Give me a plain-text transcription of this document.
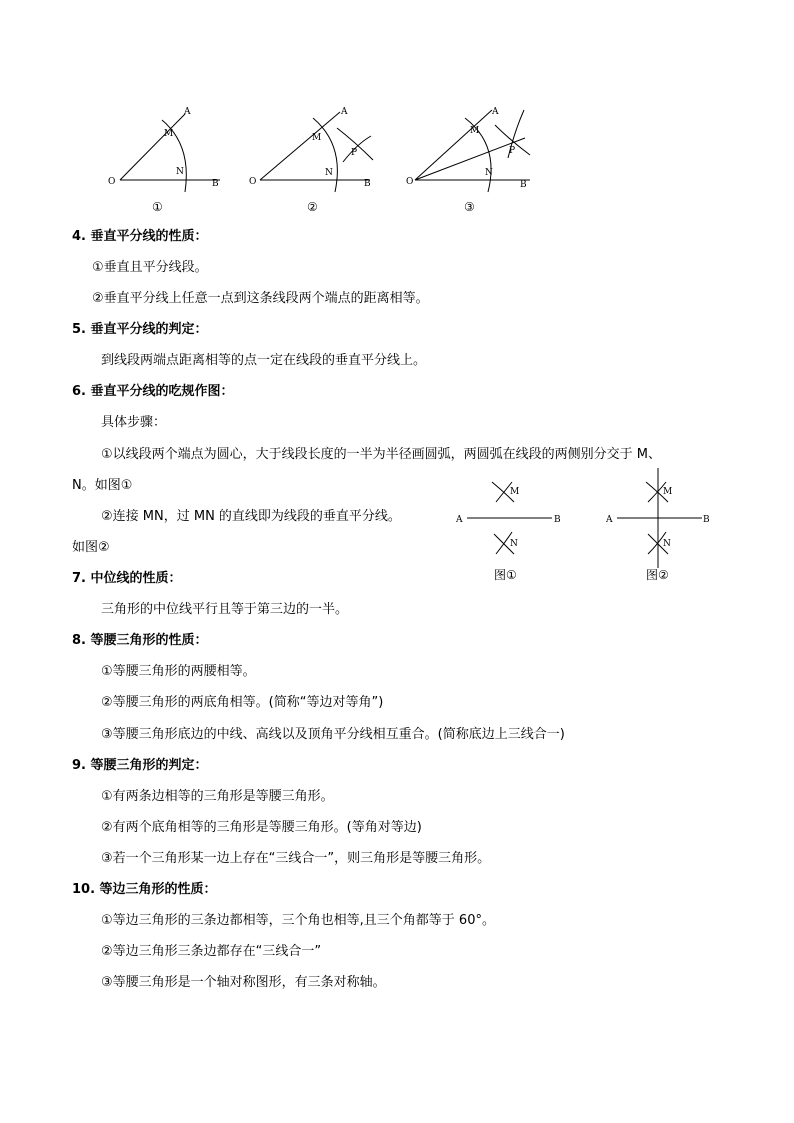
A
M
N
O	B
①
A
M
N
O	B
P
②
A
M
N
O	B
P
③
4. 垂直平分线的性质：
①垂直且平分线段。
②垂直平分线上任意一点到这条线段两个端点的距离相等。
5. 垂直平分线的判定：
到线段两端点距离相等的点一定在线段的垂直平分线上。
6. 垂直平分线的吃规作图：
具体步骤：
①以线段两个端点为圆心，大于线段长度的一半为半径画圆弧，两圆弧在线段的两侧别分交于 M、
N。如图①
②连接 MN，过 MN 的直线即为线段的垂直平分线。
如图②
A	B
M
N
图①
A	B
M
N
图②
7. 中位线的性质：
三角形的中位线平行且等于第三边的一半。
8. 等腰三角形的性质：
①等腰三角形的两腰相等。
②等腰三角形的两底角相等。(简称“等边对等角”)
③等腰三角形底边的中线、高线以及顶角平分线相互重合。(简称底边上三线合一)
9. 等腰三角形的判定：
①有两条边相等的三角形是等腰三角形。
②有两个底角相等的三角形是等腰三角形。(等角对等边)
③若一个三角形某一边上存在“三线合一”，则三角形是等腰三角形。
10. 等边三角形的性质：
①等边三角形的三条边都相等，三个角也相等,且三个角都等于 60°。
②等边三角形三条边都存在“三线合一”
③等腰三角形是一个轴对称图形，有三条对称轴。
